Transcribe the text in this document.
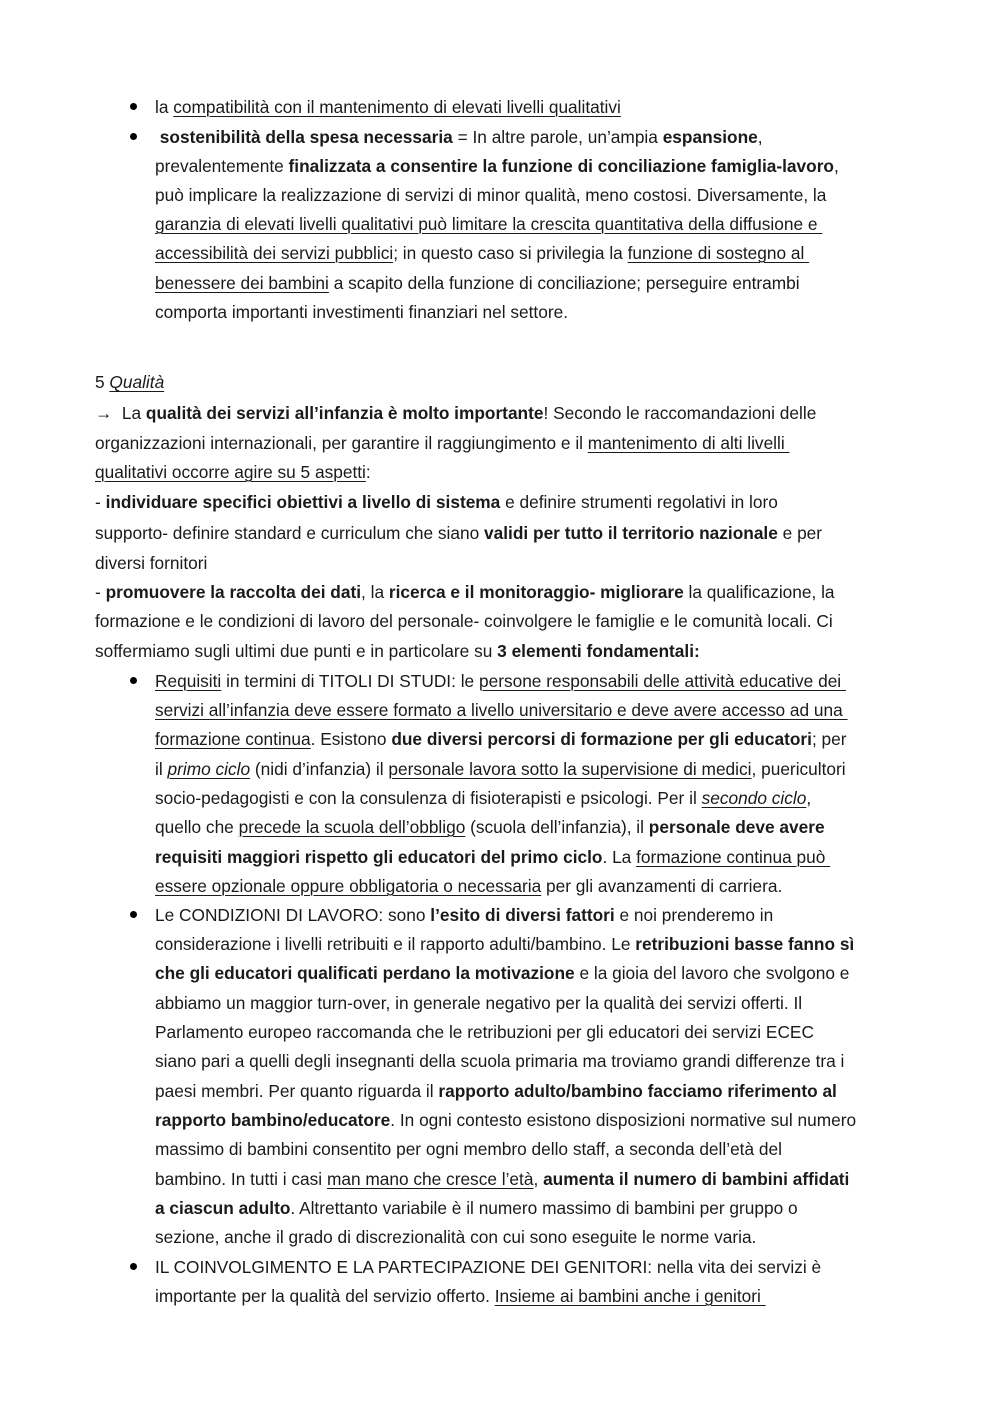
la compatibilità con il mantenimento di elevati livelli qualitativi
sostenibilità della spesa necessaria = In altre parole, un’ampia espansione,
prevalentemente finalizzata a consentire la funzione di conciliazione famiglia-lavoro,
può implicare la realizzazione di servizi di minor qualità, meno costosi. Diversamente, la
garanzia di elevati livelli qualitativi può limitare la crescita quantitativa della diffusione e
accessibilità dei servizi pubblici; in questo caso si privilegia la funzione di sostegno al
benessere dei bambini a scapito della funzione di conciliazione; perseguire entrambi
comporta importanti investimenti finanziari nel settore.
5 Qualità
→  La qualità dei servizi all’infanzia è molto importante! Secondo le raccomandazioni delle
organizzazioni internazionali, per garantire il raggiungimento e il mantenimento di alti livelli
qualitativi occorre agire su 5 aspetti:
- individuare specifici obiettivi a livello di sistema e definire strumenti regolativi in loro
supporto- definire standard e curriculum che siano validi per tutto il territorio nazionale e per
diversi fornitori
- promuovere la raccolta dei dati, la ricerca e il monitoraggio- migliorare la qualificazione, la
formazione e le condizioni di lavoro del personale- coinvolgere le famiglie e le comunità locali. Ci
soffermiamo sugli ultimi due punti e in particolare su 3 elementi fondamentali:
Requisiti in termini di TITOLI DI STUDI: le persone responsabili delle attività educative dei
servizi all’infanzia deve essere formato a livello universitario e deve avere accesso ad una
formazione continua. Esistono due diversi percorsi di formazione per gli educatori; per
il primo ciclo (nidi d’infanzia) il personale lavora sotto la supervisione di medici, puericultori
socio-pedagogisti e con la consulenza di fisioterapisti e psicologi. Per il secondo ciclo,
quello che precede la scuola dell’obbligo (scuola dell’infanzia), il personale deve avere
requisiti maggiori rispetto gli educatori del primo ciclo. La formazione continua può
essere opzionale oppure obbligatoria o necessaria per gli avanzamenti di carriera.
Le CONDIZIONI DI LAVORO: sono l’esito di diversi fattori e noi prenderemo in
considerazione i livelli retribuiti e il rapporto adulti/bambino. Le retribuzioni basse fanno sì
che gli educatori qualificati perdano la motivazione e la gioia del lavoro che svolgono e
abbiamo un maggior turn-over, in generale negativo per la qualità dei servizi offerti. Il
Parlamento europeo raccomanda che le retribuzioni per gli educatori dei servizi ECEC
siano pari a quelli degli insegnanti della scuola primaria ma troviamo grandi differenze tra i
paesi membri. Per quanto riguarda il rapporto adulto/bambino facciamo riferimento al
rapporto bambino/educatore. In ogni contesto esistono disposizioni normative sul numero
massimo di bambini consentito per ogni membro dello staff, a seconda dell’età del
bambino. In tutti i casi man mano che cresce l’età, aumenta il numero di bambini affidati
a ciascun adulto. Altrettanto variabile è il numero massimo di bambini per gruppo o
sezione, anche il grado di discrezionalità con cui sono eseguite le norme varia.
IL COINVOLGIMENTO E LA PARTECIPAZIONE DEI GENITORI: nella vita dei servizi è
importante per la qualità del servizio offerto. Insieme ai bambini anche i genitori
